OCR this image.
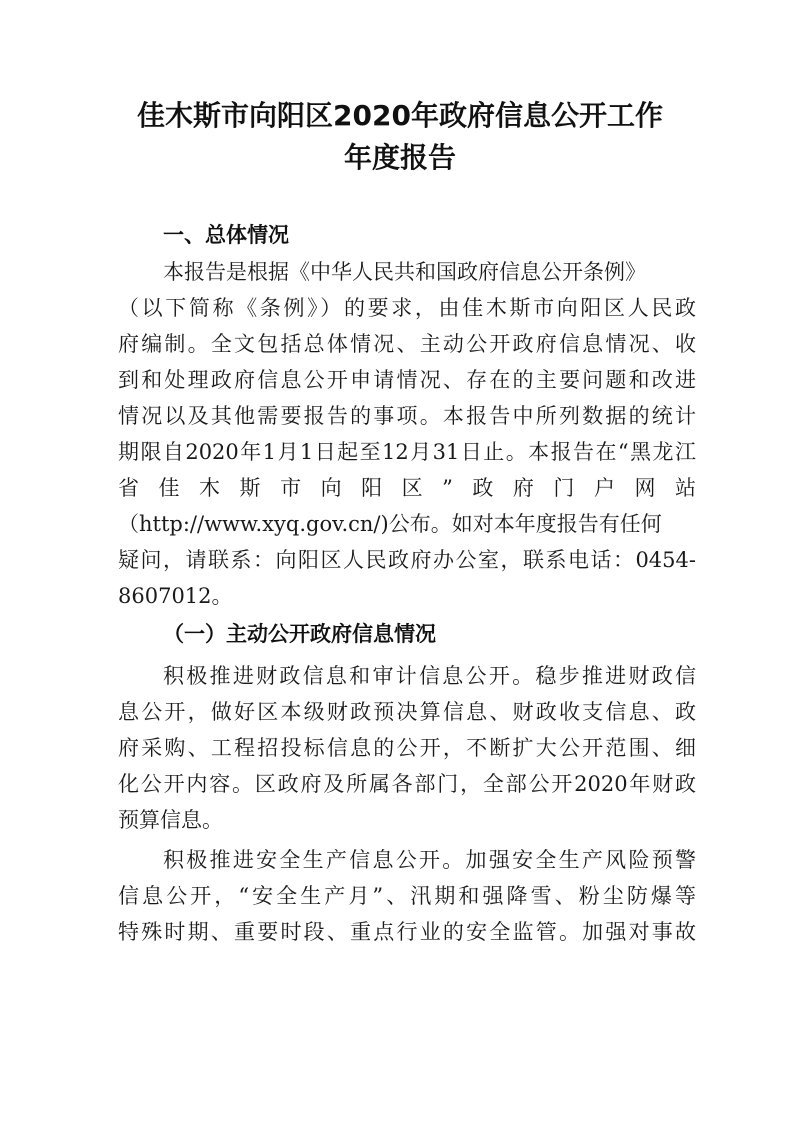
佳木斯市向阳区2020年政府信息公开工作
年度报告
一、总体情况
本报告是根据《中华人民共和国政府信息公开条例》
（以下简称《条例》）的要求，由佳木斯市向阳区人民政
府编制。全文包括总体情况、主动公开政府信息情况、收
到和处理政府信息公开申请情况、存在的主要问题和改进
情况以及其他需要报告的事项。本报告中所列数据的统计
期限自2020年1月1日起至12月31日止。本报告在“黑龙江
省佳木斯市向阳区”政府门户网站
（http://www.xyq.gov.cn/)公布。如对本年度报告有任何
疑问，请联系：向阳区人民政府办公室，联系电话：0454-
8607012。
（一）主动公开政府信息情况
积极推进财政信息和审计信息公开。稳步推进财政信
息公开，做好区本级财政预决算信息、财政收支信息、政
府采购、工程招投标信息的公开，不断扩大公开范围、细
化公开内容。区政府及所属各部门，全部公开2020年财政
预算信息。
积极推进安全生产信息公开。加强安全生产风险预警
信息公开，“安全生产月”、汛期和强降雪、粉尘防爆等
特殊时期、重要时段、重点行业的安全监管。加强对事故
